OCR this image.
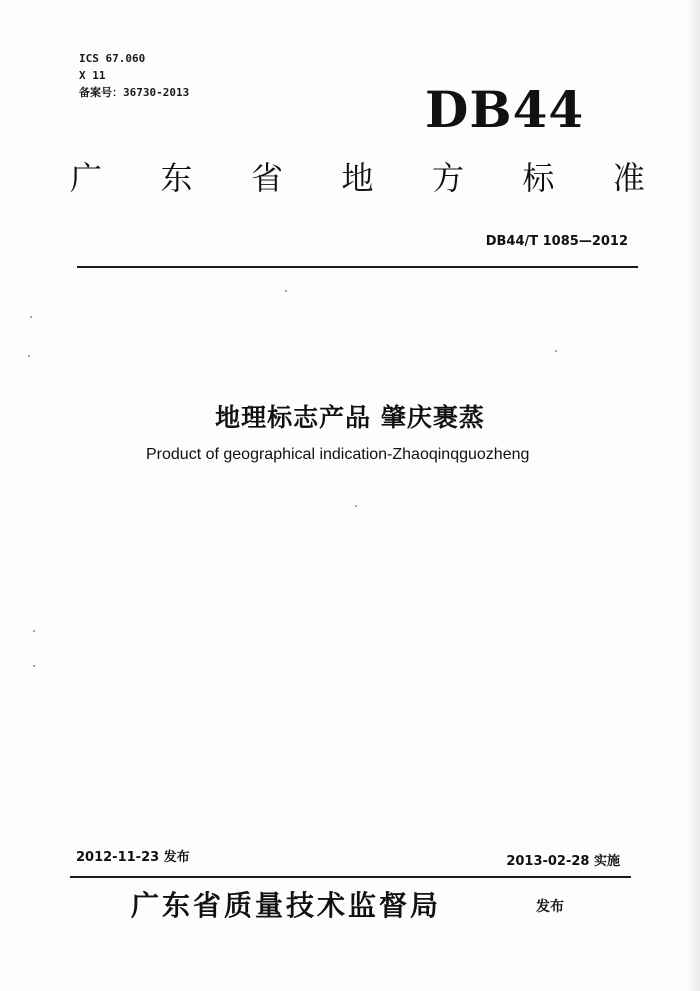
ICS 67.060
X 11
备案号：36730-2013	DB44
广 东 省 地 方 标 准
DB44/T 1085—2012
地理标志产品 肇庆裹蒸
Product of geographical indication-Zhaoqinqguozheng
2012-11-23 发布	2013-02-28 实施
广东省质量技术监督局	发布
